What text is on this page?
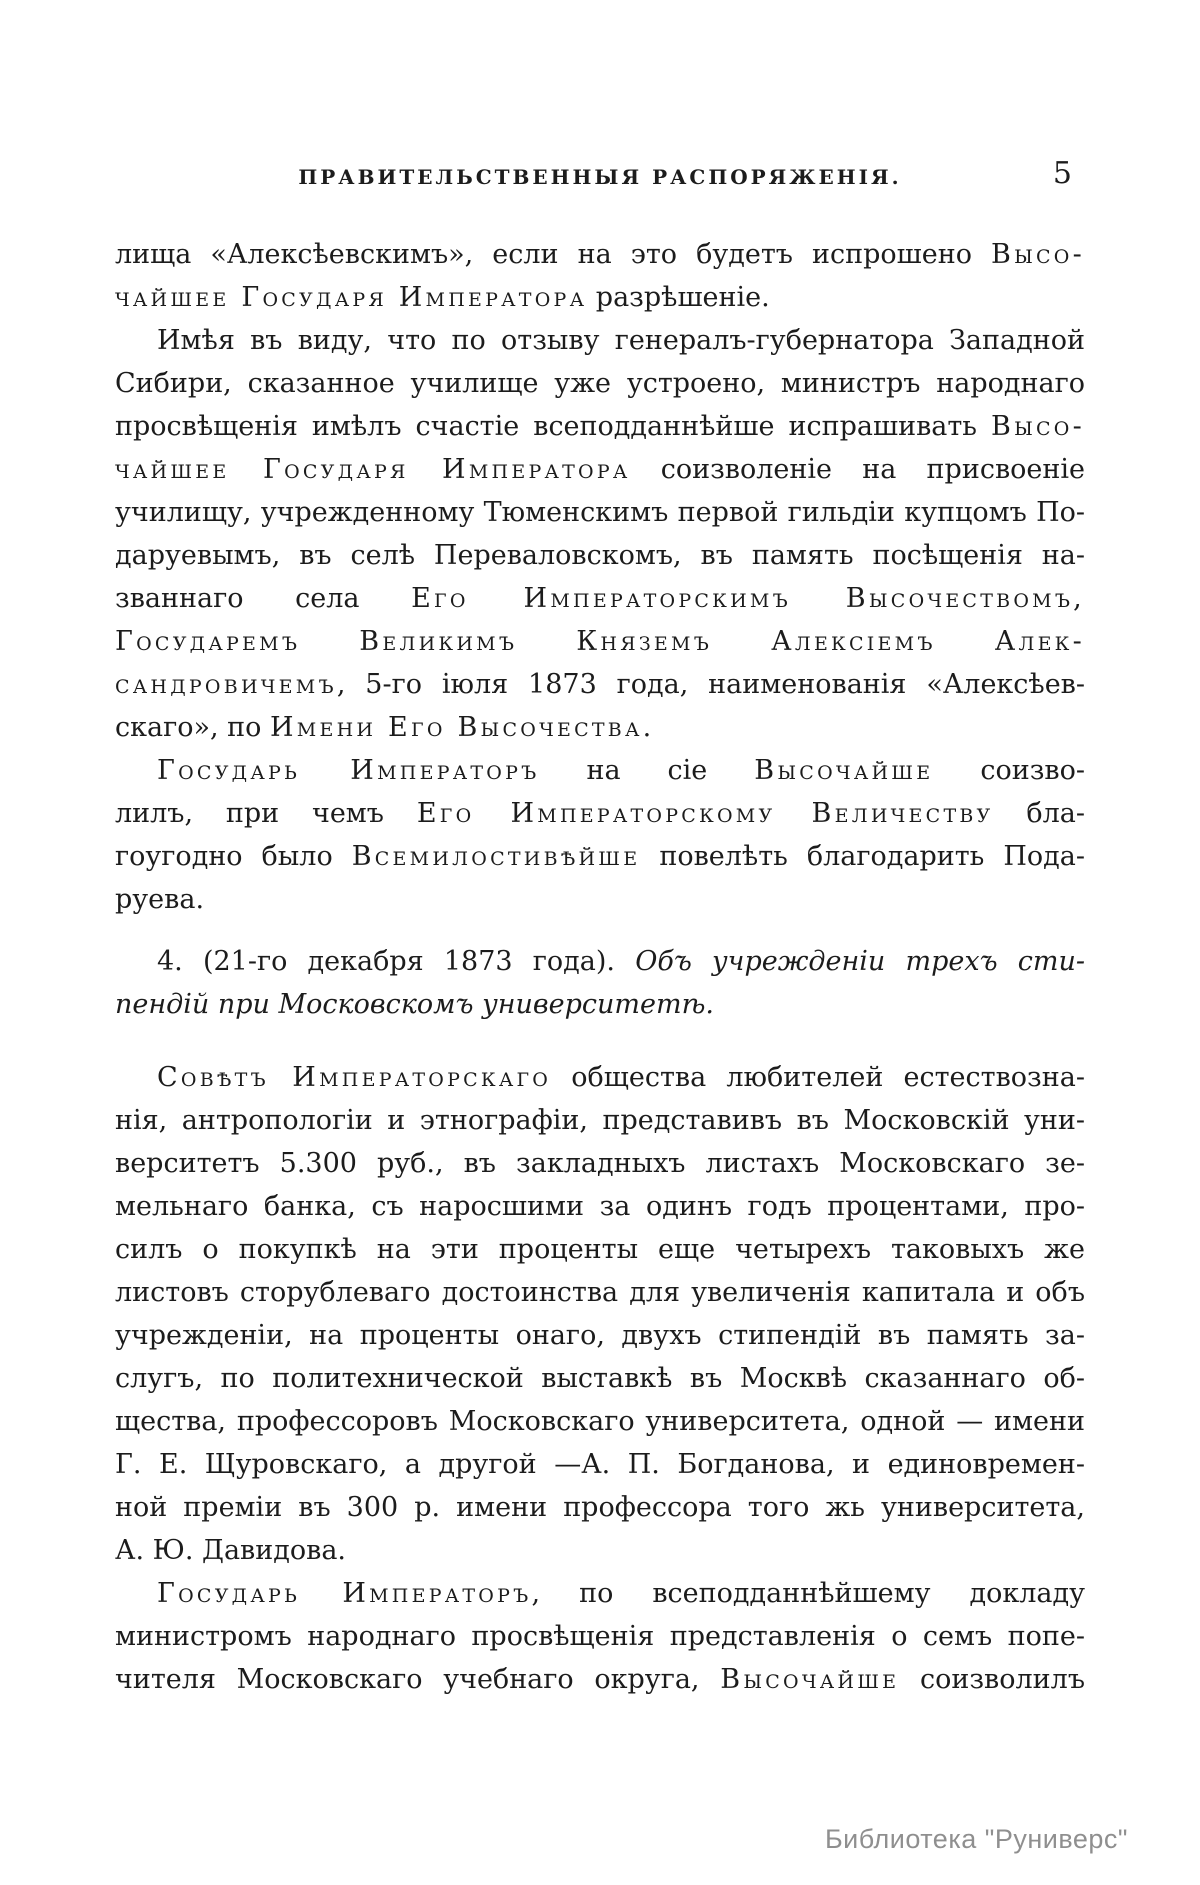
ПРАВИТЕЛЬСТВЕННЫЯ РАСПОРЯЖЕНІЯ.	5
лища «Алексѣевскимъ», если на это будетъ испрошено Высо-
чайшее Государя Императора разрѣшеніе.
Имѣя въ виду, что по отзыву генералъ-губернатора Западной
Сибири, сказанное училище уже устроено, министръ народнаго
просвѣщенія имѣлъ счастіе всеподданнѣйше испрашивать Высо-
чайшее Государя Императора соизволеніе на присвоеніе
училищу, учрежденному Тюменскимъ первой гильдіи купцомъ По-
даруевымъ, въ селѣ Переваловскомъ, въ память посѣщенія на-
званнаго села Его Императорскимъ Высочествомъ,
Государемъ Великимъ Княземъ Алексіемъ Алек-
сандровичемъ, 5-го іюля 1873 года, наименованія «Алексѣев-
скаго», по Имени Его Высочества.
Государь Императоръ на сіе Высочайше соизво-
лилъ, при чемъ Его Императорскому Величеству бла-
гоугодно было Всемилостивѣйше повелѣть благодарить Пода-
руева.
4. (21-го декабря 1873 года). Объ учрежденіи трехъ сти-
пендій при Московскомъ университетѣ.
Совѣтъ Императорскаго общества любителей естествозна-
нія, антропологіи и этнографіи, представивъ въ Московскій уни-
верситетъ 5.300 руб., въ закладныхъ листахъ Московскаго зе-
мельнаго банка, съ наросшими за одинъ годъ процентами, про-
силъ о покупкѣ на эти проценты еще четырехъ таковыхъ же
листовъ сторублеваго достоинства для увеличенія капитала и объ
учрежденіи, на проценты онаго, двухъ стипендій въ память за-
слугъ, по политехнической выставкѣ въ Москвѣ сказаннаго об-
щества, профессоровъ Московскаго университета, одной — имени
Г. Е. Щуровскаго, а другой —А. П. Богданова, и единовремен-
ной преміи въ 300 р. имени профессора того жь университета,
А. Ю. Давидова.
Государь Императоръ, по всеподданнѣйшему докладу
министромъ народнаго просвѣщенія представленія о семъ попе-
чителя Московскаго учебнаго округа, Высочайше соизволилъ
Библиотека "Руниверс"
